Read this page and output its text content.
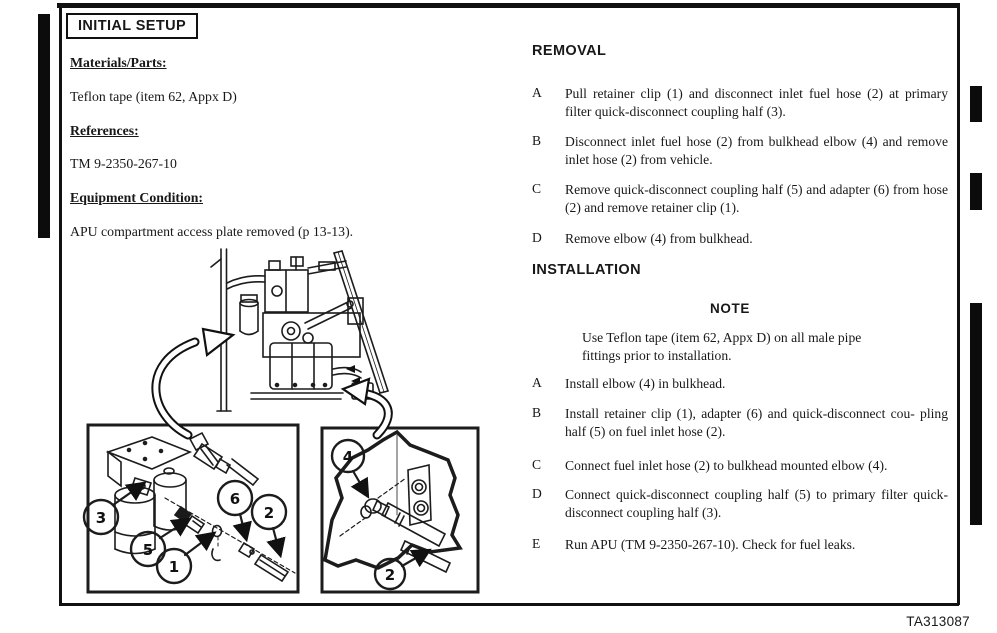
INITIAL SETUP
Materials/Parts:
Teflon tape (item 62, Appx D)
References:
TM 9-2350-267-10
Equipment Condition:
APU compartment access plate removed (p 13-13).
REMOVAL
A	Pull retainer clip (1) and disconnect inlet fuel hose (2) at primary filter quick-disconnect coupling half (3).
B	Disconnect inlet fuel hose (2) from bulkhead elbow (4) and remove inlet hose (2) from vehicle.
C	Remove quick-disconnect coupling half (5) and adapter (6) from hose (2) and remove retainer clip (1).
D	Remove elbow (4) from bulkhead.
INSTALLATION
NOTE
Use Teflon tape (item 62, Appx D) on all male pipe fittings prior to installation.
A	Install elbow (4) in bulkhead.
B	Install retainer clip (1), adapter (6) and quick-disconnect cou- pling half (5) on fuel inlet hose (2).
C	Connect fuel inlet hose (2) to bulkhead mounted elbow (4).
D	Connect quick-disconnect coupling half (5) to primary filter quick-disconnect coupling half (3).
E	Run APU (TM 9-2350-267-10). Check for fuel leaks.
3
5
1
6
2
4
2
TA313087
